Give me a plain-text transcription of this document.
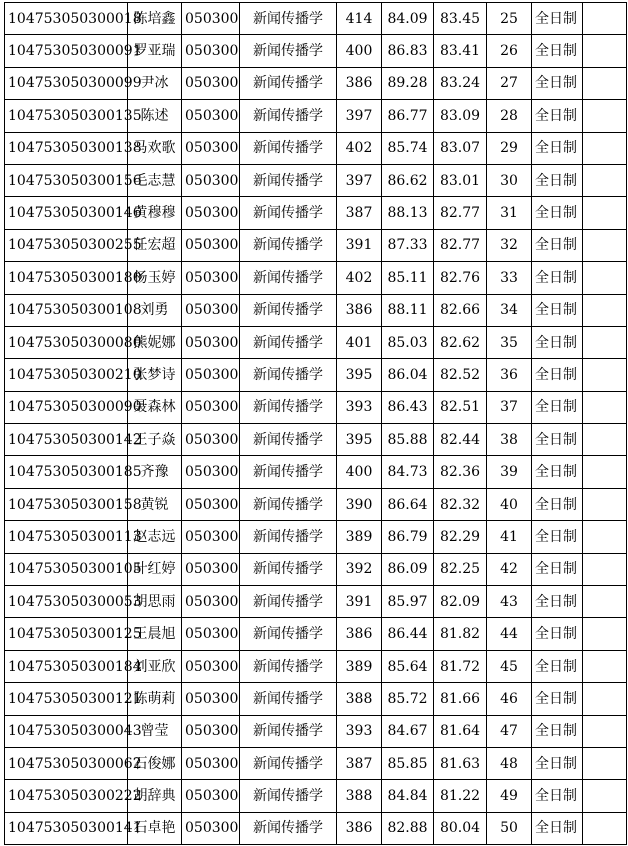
104753050300018	陈培鑫	050300	新闻传播学	414	84.09	83.45	25	全日制	
104753050300091	罗亚瑞	050300	新闻传播学	400	86.83	83.41	26	全日制	
104753050300099	尹冰	050300	新闻传播学	386	89.28	83.24	27	全日制	
104753050300135	陈述	050300	新闻传播学	397	86.77	83.09	28	全日制	
104753050300138	马欢歌	050300	新闻传播学	402	85.74	83.07	29	全日制	
104753050300156	毛志慧	050300	新闻传播学	397	86.62	83.01	30	全日制	
104753050300146	黄穆穆	050300	新闻传播学	387	88.13	82.77	31	全日制	
104753050300255	任宏超	050300	新闻传播学	391	87.33	82.77	32	全日制	
104753050300180	杨玉婷	050300	新闻传播学	402	85.11	82.76	33	全日制	
104753050300108	刘勇	050300	新闻传播学	386	88.11	82.66	34	全日制	
104753050300080	熊妮娜	050300	新闻传播学	401	85.03	82.62	35	全日制	
104753050300210	张梦诗	050300	新闻传播学	395	86.04	82.52	36	全日制	
104753050300090	聂森林	050300	新闻传播学	393	86.43	82.51	37	全日制	
104753050300142	王子焱	050300	新闻传播学	395	85.88	82.44	38	全日制	
104753050300185	齐豫	050300	新闻传播学	400	84.73	82.36	39	全日制	
104753050300158	黄锐	050300	新闻传播学	390	86.64	82.32	40	全日制	
104753050300113	赵志远	050300	新闻传播学	389	86.79	82.29	41	全日制	
104753050300105	叶红婷	050300	新闻传播学	392	86.09	82.25	42	全日制	
104753050300053	胡思雨	050300	新闻传播学	391	85.97	82.09	43	全日制	
104753050300125	王晨旭	050300	新闻传播学	386	86.44	81.82	44	全日制	
104753050300184	刘亚欣	050300	新闻传播学	389	85.64	81.72	45	全日制	
104753050300121	陈萌莉	050300	新闻传播学	388	85.72	81.66	46	全日制	
104753050300043	曾莹	050300	新闻传播学	393	84.67	81.64	47	全日制	
104753050300062	石俊娜	050300	新闻传播学	387	85.85	81.63	48	全日制	
104753050300222	胡辞典	050300	新闻传播学	388	84.84	81.22	49	全日制	
104753050300141	石卓艳	050300	新闻传播学	386	82.88	80.04	50	全日制	
